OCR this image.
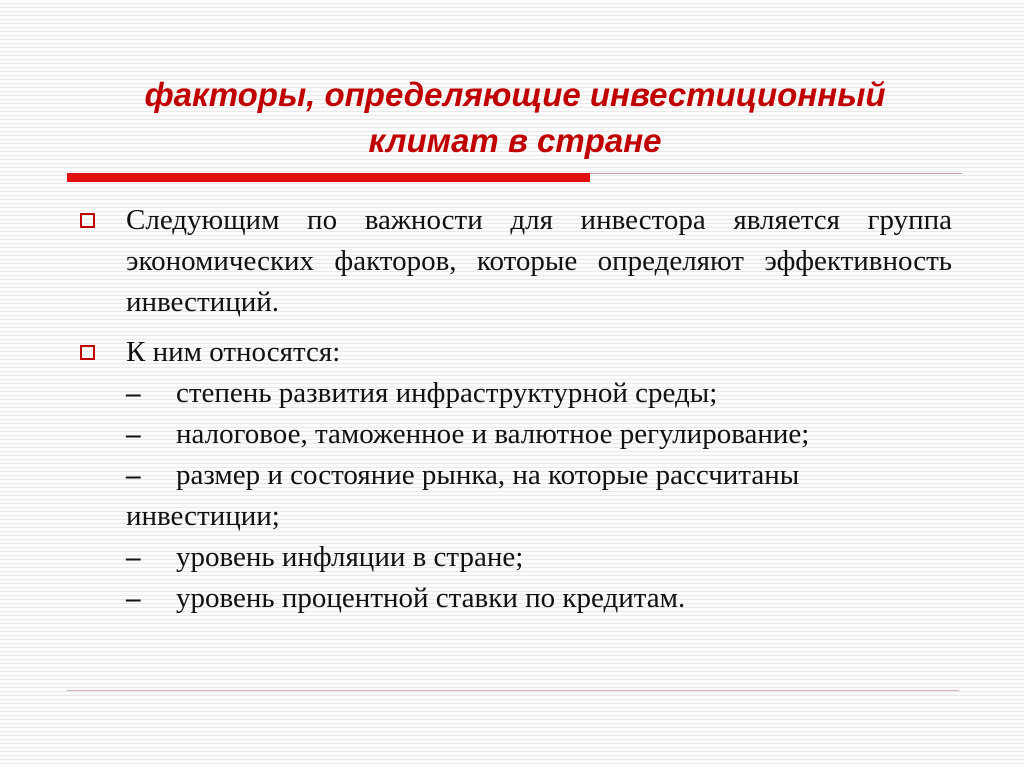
факторы, определяющие инвестиционный
климат в стране
Следующим по важности для инвестора является группа экономических факторов, которые определяют эффективность инвестиций.
К ним относятся:
– степень развития инфраструктурной среды;
– налоговое, таможенное и валютное регулирование;
– размер и состояние рынка, на которые рассчитаны
инвестиции;
– уровень инфляции в стране;
– уровень процентной ставки по кредитам.
